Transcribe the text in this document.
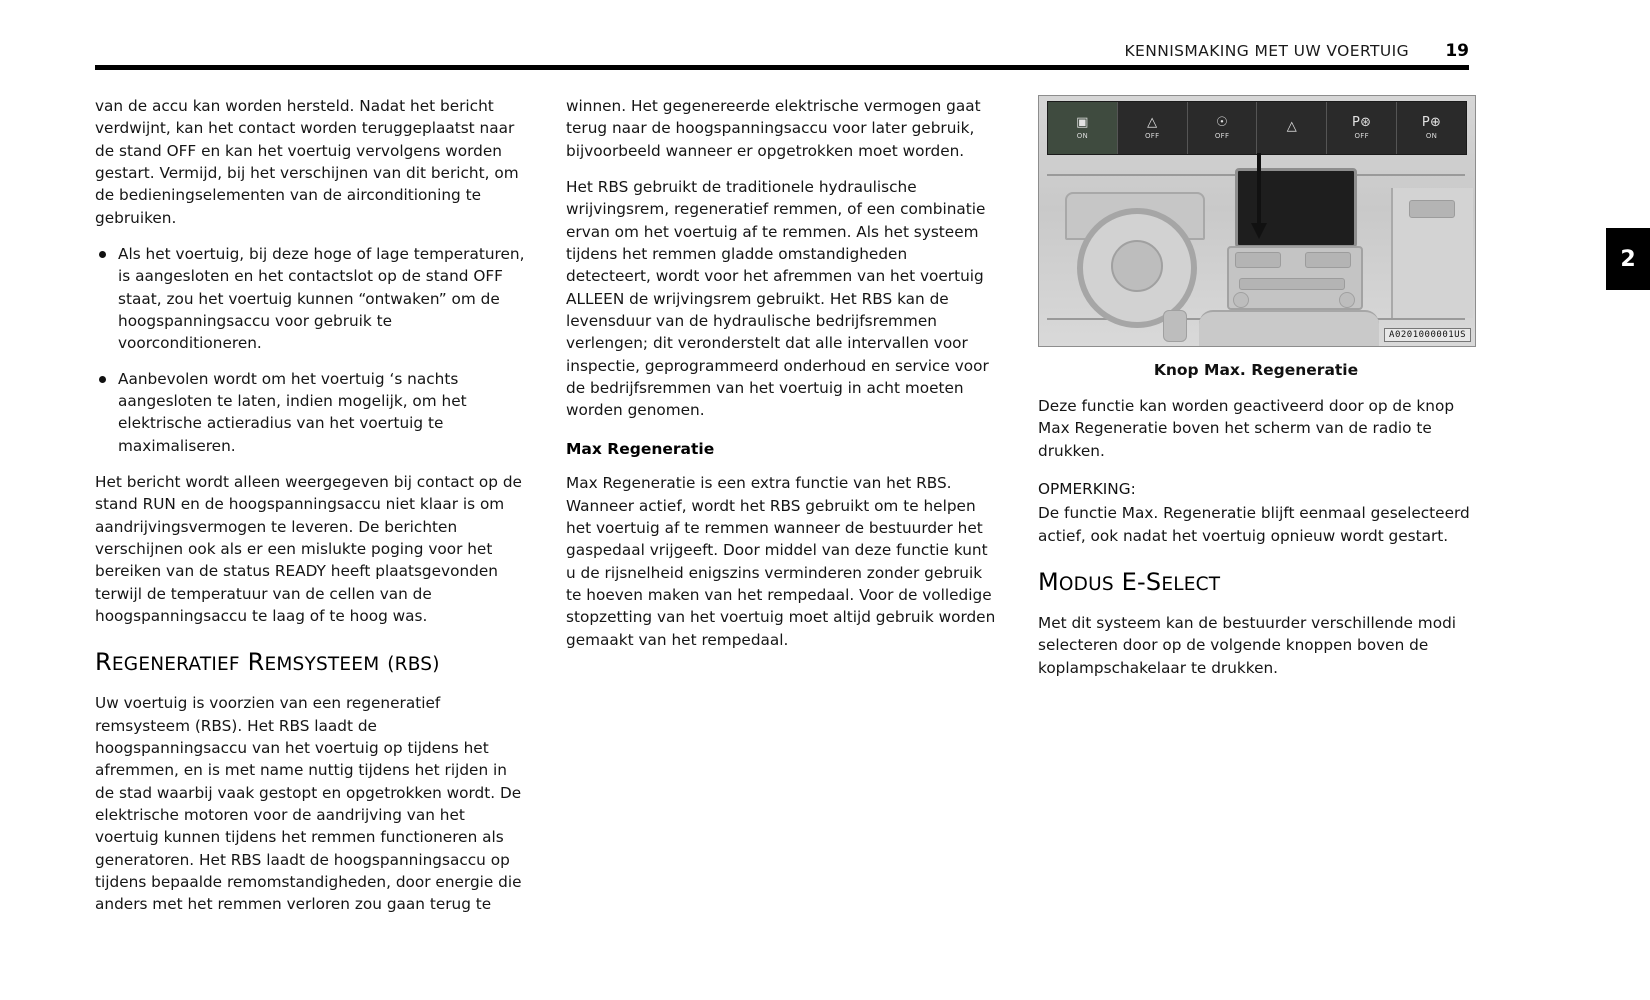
KENNISMAKING MET UW VOERTUIG 19
2

van de accu kan worden hersteld. Nadat het bericht verdwijnt, kan het contact worden teruggeplaatst naar de stand OFF en kan het voertuig vervolgens worden gestart. Vermijd, bij het verschijnen van dit bericht, om de bedieningselementen van de airconditioning te gebruiken.

Als het voertuig, bij deze hoge of lage temperaturen, is aangesloten en het contactslot op de stand OFF staat, zou het voertuig kunnen “ontwaken” om de hoogspanningsaccu voor gebruik te voorconditioneren.
Aanbevolen wordt om het voertuig ‘s nachts aangesloten te laten, indien mogelijk, om het elektrische actieradius van het voertuig te maximaliseren.

Het bericht wordt alleen weergegeven bij contact op de stand RUN en de hoogspanningsaccu niet klaar is om aandrijvingsvermogen te leveren. De berichten verschijnen ook als er een mislukte poging voor het bereiken van de status READY heeft plaatsgevonden terwijl de temperatuur van de cellen van de hoogspanningsaccu te laag of te hoog was.

REGENERATIEF REMSYSTEEM (RBS)

Uw voertuig is voorzien van een regeneratief remsysteem (RBS). Het RBS laadt de hoogspanningsaccu van het voertuig op tijdens het afremmen, en is met name nuttig tijdens het rijden in de stad waarbij vaak gestopt en opgetrokken wordt. De elektrische motoren voor de aandrijving van het voertuig kunnen tijdens het remmen functioneren als generatoren. Het RBS laadt de hoogspanningsaccu op tijdens bepaalde remomstandigheden, door energie die anders met het remmen verloren zou gaan terug te

winnen. Het gegenereerde elektrische vermogen gaat terug naar de hoogspanningsaccu voor later gebruik, bijvoorbeeld wanneer er opgetrokken moet worden.

Het RBS gebruikt de traditionele hydraulische wrijvingsrem, regeneratief remmen, of een combinatie ervan om het voertuig af te remmen. Als het systeem tijdens het remmen gladde omstandigheden detecteert, wordt voor het afremmen van het voertuig ALLEEN de wrijvingsrem gebruikt. Het RBS kan de levensduur van de hydraulische bedrijfsremmen verlengen; dit veronderstelt dat alle intervallen voor inspectie, geprogrammeerd onderhoud en service voor de bedrijfsremmen van het voertuig in acht moeten worden genomen.

Max Regeneratie

Max Regeneratie is een extra functie van het RBS. Wanneer actief, wordt het RBS gebruikt om te helpen het voertuig af te remmen wanneer de bestuurder het gaspedaal vrijgeeft. Door middel van deze functie kunt u de rijsnelheid enigszins verminderen zonder gebruik te hoeven maken van het rempedaal. Voor de volledige stopzetting van het voertuig moet altijd gebruik worden gemaakt van het rempedaal.

▣
ON
△
OFF
☉
OFF
△	P⊛
OFF
P⊕
ON
A0201000001US
Knop Max. Regeneratie

Deze functie kan worden geactiveerd door op de knop Max Regeneratie boven het scherm van de radio te drukken.

OPMERKING:

De functie Max. Regeneratie blijft eenmaal geselecteerd actief, ook nadat het voertuig opnieuw wordt gestart.

MODUS E-SELECT

Met dit systeem kan de bestuurder verschillende modi selecteren door op de volgende knoppen boven de koplampschakelaar te drukken.
